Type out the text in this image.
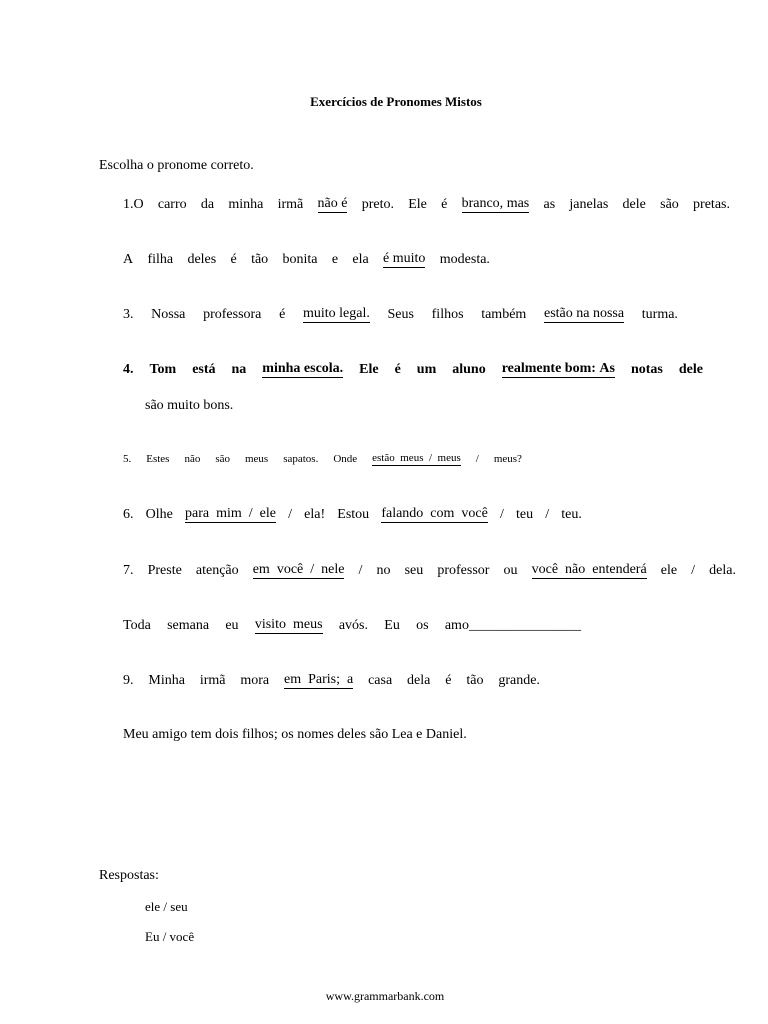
Exercícios de Pronomes Mistos
Escolha o pronome correto.
1.O carro da minha irmã não é preto. Ele é branco, mas as janelas dele são pretas.
A filha deles é tão bonita e ela é muito modesta.
3. Nossa professora é muito legal. Seus filhos também estão na nossa turma.
4. Tom está na minha escola. Ele é um aluno realmente bom: As notas dele
são muito bons.
5. Estes não são meus sapatos. Onde estão meus / meus / meus?
6. Olhe para mim / ele / ela! Estou falando com você / teu / teu.
7. Preste atenção em você / nele / no seu professor ou você não entenderá ele / dela.
Toda semana eu visito meus avós. Eu os amo________________
9. Minha irmã mora em Paris; a casa dela é tão grande.
Meu amigo tem dois filhos; os nomes deles são Lea e Daniel.
Respostas:
ele / seu
Eu / você
www.grammarbank.com
